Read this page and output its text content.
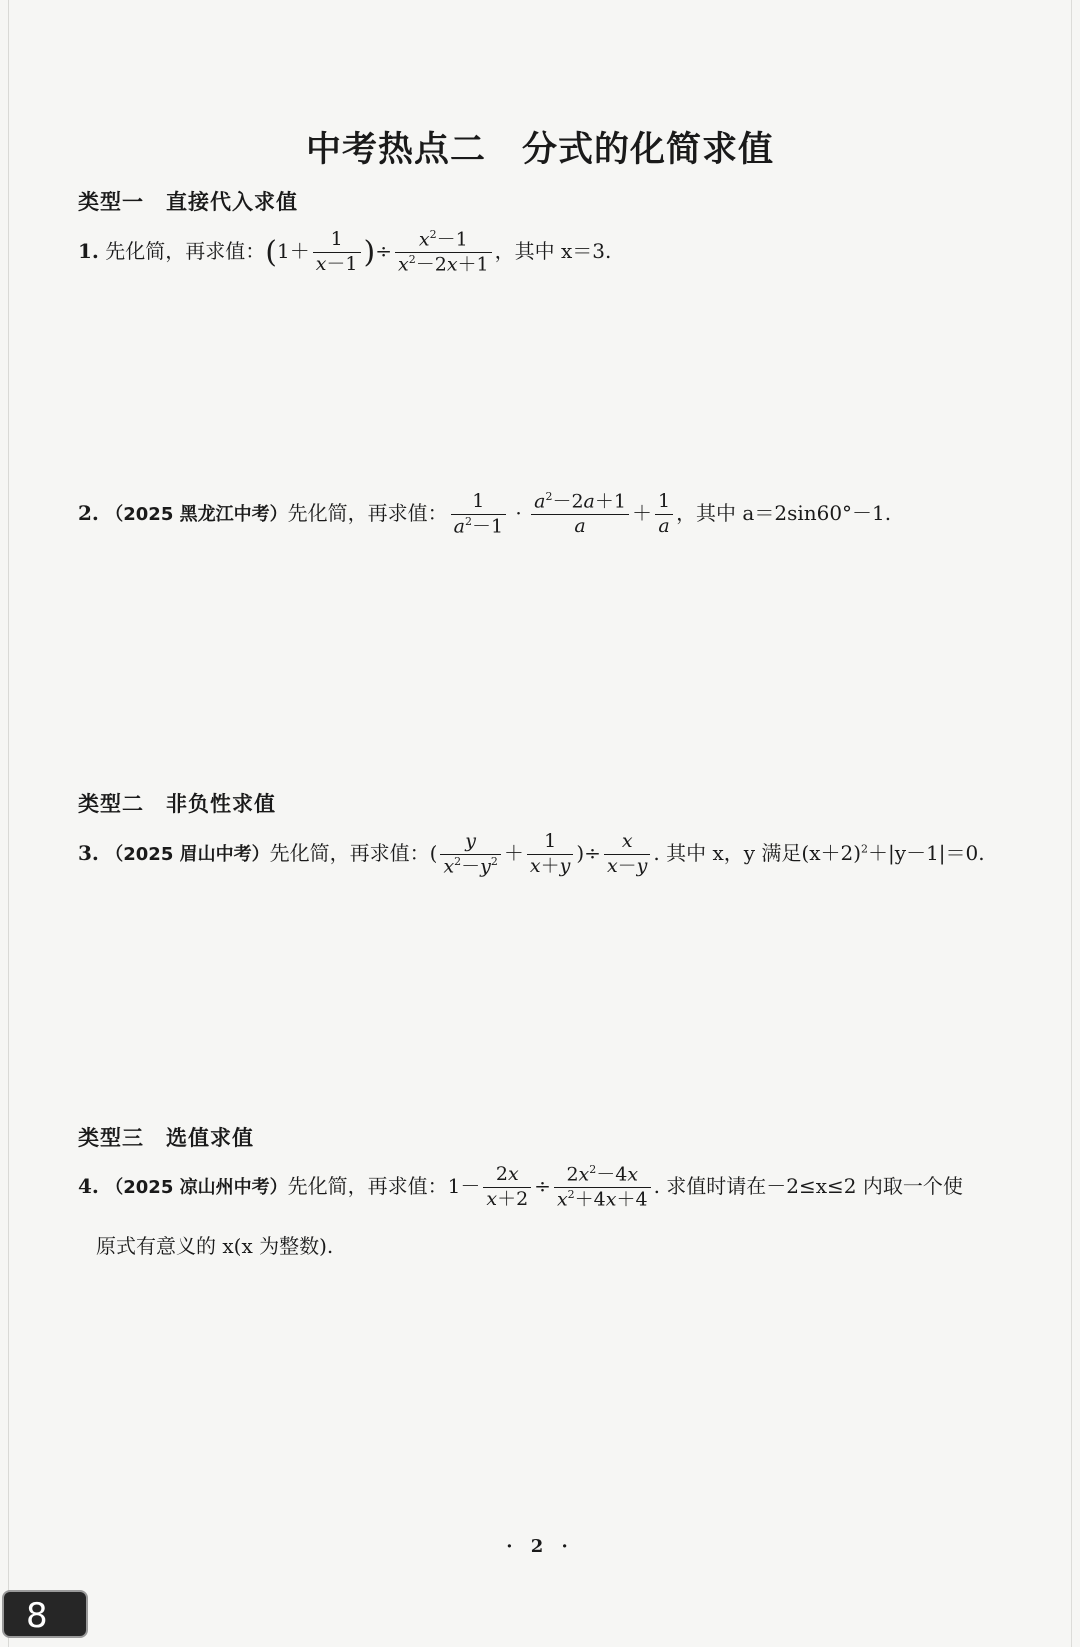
中考热点二 分式的化简求值
类型一 直接代入求值
1. 先化简，再求值：($1+ \frac{1}{x-1}$ )÷ $\frac{x^2-1}{x^2-2x+1}$ ，其中 x＝3.
2. （2025 黑龙江中考）先化简，再求值： $\frac{1}{a^2-1} \cdot \frac{a^2-2a+1}{a} + \frac{1}{a}$ ，其中 a＝2sin60°－1.
类型二 非负性求值
3. （2025 眉山中考）先化简，再求值：( $\frac{y}{x^2-y^2} + \frac{1}{x+y}$ )÷ $\frac{x}{x-y}$ . 其中 x，y 满足$(x+2)^2+|y-1|=0$.
类型三 选值求值
4. （2025 凉山州中考）先化简，再求值：$1- \frac{2x}{x+2} \div \frac{2x^2-4x}{x^2+4x+4}$ . 求值时请在－2≤x≤2 内取一个使
原式有意义的 x(x 为整数).
· 2 ·
8
